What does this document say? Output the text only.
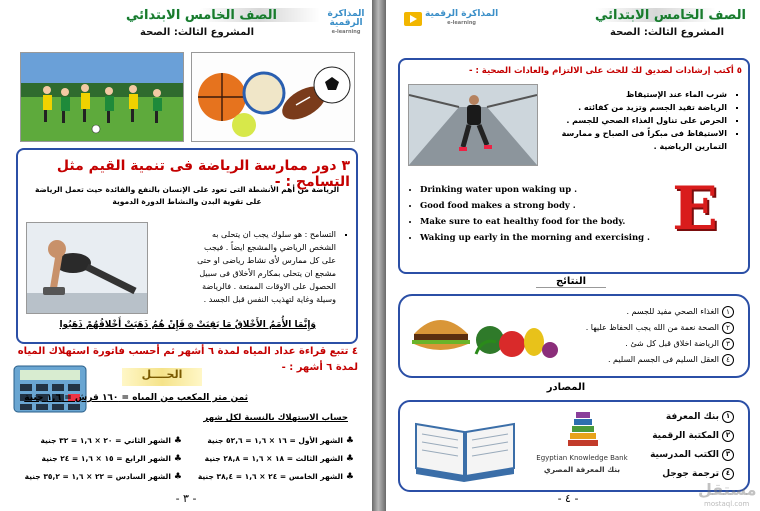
الصف الخامس الابتدائي
المشروع الثالث: الصحة
المذاكرة الرقمية
e-learning
٣ دور ممارسة الرياضة فى تنمية القيم مثل التسامح : -
الرياضة من أهم الأنشطة التى تعود على الإنسان بالنفع والفائدة حيث تعمل الرياضة على تقوية البدن والنشاط الدورة الدموية
▪ التسامح : هو سلوك يجب ان يتحلى به
الشخص الرياضي والمشجع ايضاً . فيجب
على كل ممارس لأى نشاط رياضى او حتى
مشجع ان يتحلى بمكارم الأخلاق فى سبيل
الحصول على الاوقات الممتعة . فالرياضة
وسيلة وغاية لتهذيب النفس قبل الجسد .
وَإِنَّمَا الأُمَمُ الأَخْلاقُ مَا بَقِيَتْ ۞ فَإِنْ هُمُ ذَهَبَتْ أَخْلاقُهُمْ ذَهَبُوا
٤ تتبع قراءة عداد المياه لمدة ٦ أشهر ثم أحسب فاتورة استهلاك المياه
لمدة ٦ أشهر : -
الحــــل
ثمن متر المكعب من المياه = ١٦٠ قرش = ١,٦ جنية
حساب الاستهلاك بالنسبة لكل شهر
♣الشهر الأول = ١٦ × ١,٦ = ٥٢,٦ جنية
♣الشهر الثالث = ١٨ × ١,٦ = ٢٨,٨ جنية
♣الشهر الخامس = ٢٤ × ١,٦ = ٣٨,٤ جنية
♣الشهر الثاني = ٢٠ × ١,٦ = ٣٢ جنية
♣الشهر الرابع = ١٥ × ١,٦ = ٢٤ جنية
♣الشهر السادس = ٢٢ × ١,٦ = ٣٥,٢ جنية
- ٣ -
المذاكرة الرقمية
e-learning	الصف الخامس الابتدائي
المشروع الثالث: الصحة
٥ أكتب إرشادات لصديق لك للحث على الالتزام والعادات الصحية : -
▪ شرب الماء عند الإستيقاظ
▪ الرياضة تفيد الجسم وتزيد من كفائته .
▪ الحرص على تناول الغذاء الصحي للجسم .
▪ الاستيقاظ فى مبكراً فى الصباح و ممارسة
التمارين الرياضية .
• Drinking water upon waking up .
• Good food makes a strong body .
• Make sure to eat healthy food for the body.
• Waking up early in the morning and exercising . E
النتائج
١الغذاء الصحي مفيد للجسم .
٢الصحة نعمة من الله يجب الحفاظ عليها .
٣الرياضة اخلاق قبل كل شئ .
٤العقل السليم فى الجسم السليم .
المصادر
Egyptian Knowledge Bank
بنك المعرفة المصري
١بنك المعرفة
٢المكتبة الرقمية
٣الكتب المدرسية
٤ترجمة جوجل
- ٤ -	مستقل
mostaql.com
